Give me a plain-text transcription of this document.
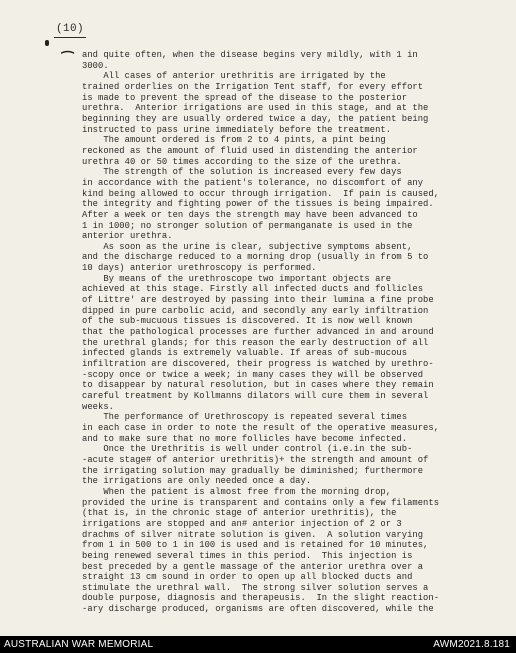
(10)
⁀ and quite often, when the disease begins very mildly, with 1 in
3000.
All cases of anterior urethritis are irrigated by the
trained orderlies on the Irrigation Tent staff, for every effort
is made to prevent the spread of the disease to the posterior
urethra.  Anterior irrigations are used in this stage, and at the
beginning they are usually ordered twice a day, the patient being
instructed to pass urine immediately before the treatment.
The amount ordered is from 2 to 4 pints, a pint being
reckoned as the amount of fluid used in distending the anterior
urethra 40 or 50 times according to the size of the urethra.
The strength of the solution is increased every few days
in accordance with the patient's tolerance, no discomfort of any
kind being allowed to occur through irrigation.  If pain is caused,
the integrity and fighting power of the tissues is being impaired.
After a week or ten days the strength may have been advanced to
1 in 1000; no stronger solution of permanganate is used in the
anterior urethra.
As soon as the urine is clear, subjective symptoms absent,
and the discharge reduced to a morning drop (usually in from 5 to
10 days) anterior urethroscopy is performed.
By means of the urethroscope two important objects are
achieved at this stage. Firstly all infected ducts and follicles
of Littre' are destroyed by passing into their lumina a fine probe
dipped in pure carbolic acid, and secondly any early infiltration
of the sub-mucuous tissues is discovered. It is now well known
that the pathological processes are further advanced in and around
the urethral glands; for this reason the early destruction of all
infected glands is extremely valuable. If areas of sub-mucous
infiltration are discovered, their progress is watched by urethro-
-scopy once or twice a week; in many cases they will be observed
to disappear by natural resolution, but in cases where they remain
careful treatment by Kollmanns dilators will cure them in several
weeks.
The performance of Urethroscopy is repeated several times
in each case in order to note the result of the operative measures,
and to make sure that no more follicles have become infected.
Once the Urethritis is well under control (i.e.in the sub-
-acute stage# of anterior urethritis)+ the strength and amount of
the irrigating solution may gradually be diminished; furthermore
the irrigations are only needed once a day.
When the patient is almost free from the morning drop,
provided the urine is transparent and contains only a few filaments
(that is, in the chronic stage of anterior urethritis), the
irrigations are stopped and an# anterior injection of 2 or 3
drachms of silver nitrate solution is given.  A solution varying
from 1 in 500 to 1 in 100 is used and is retained for 10 minutes,
being renewed several times in this period.  This injection is
best preceded by a gentle massage of the anterior urethra over a
straight 13 cm sound in order to open up all blocked ducts and
stimulate the urethral wall.  The strong silver solution serves a
double purpose, diagnosis and therapeusis.  In the slight reaction-
-ary discharge produced, organisms are often discovered, while the
AUSTRALIAN WAR MEMORIAL	AWM2021.8.181
